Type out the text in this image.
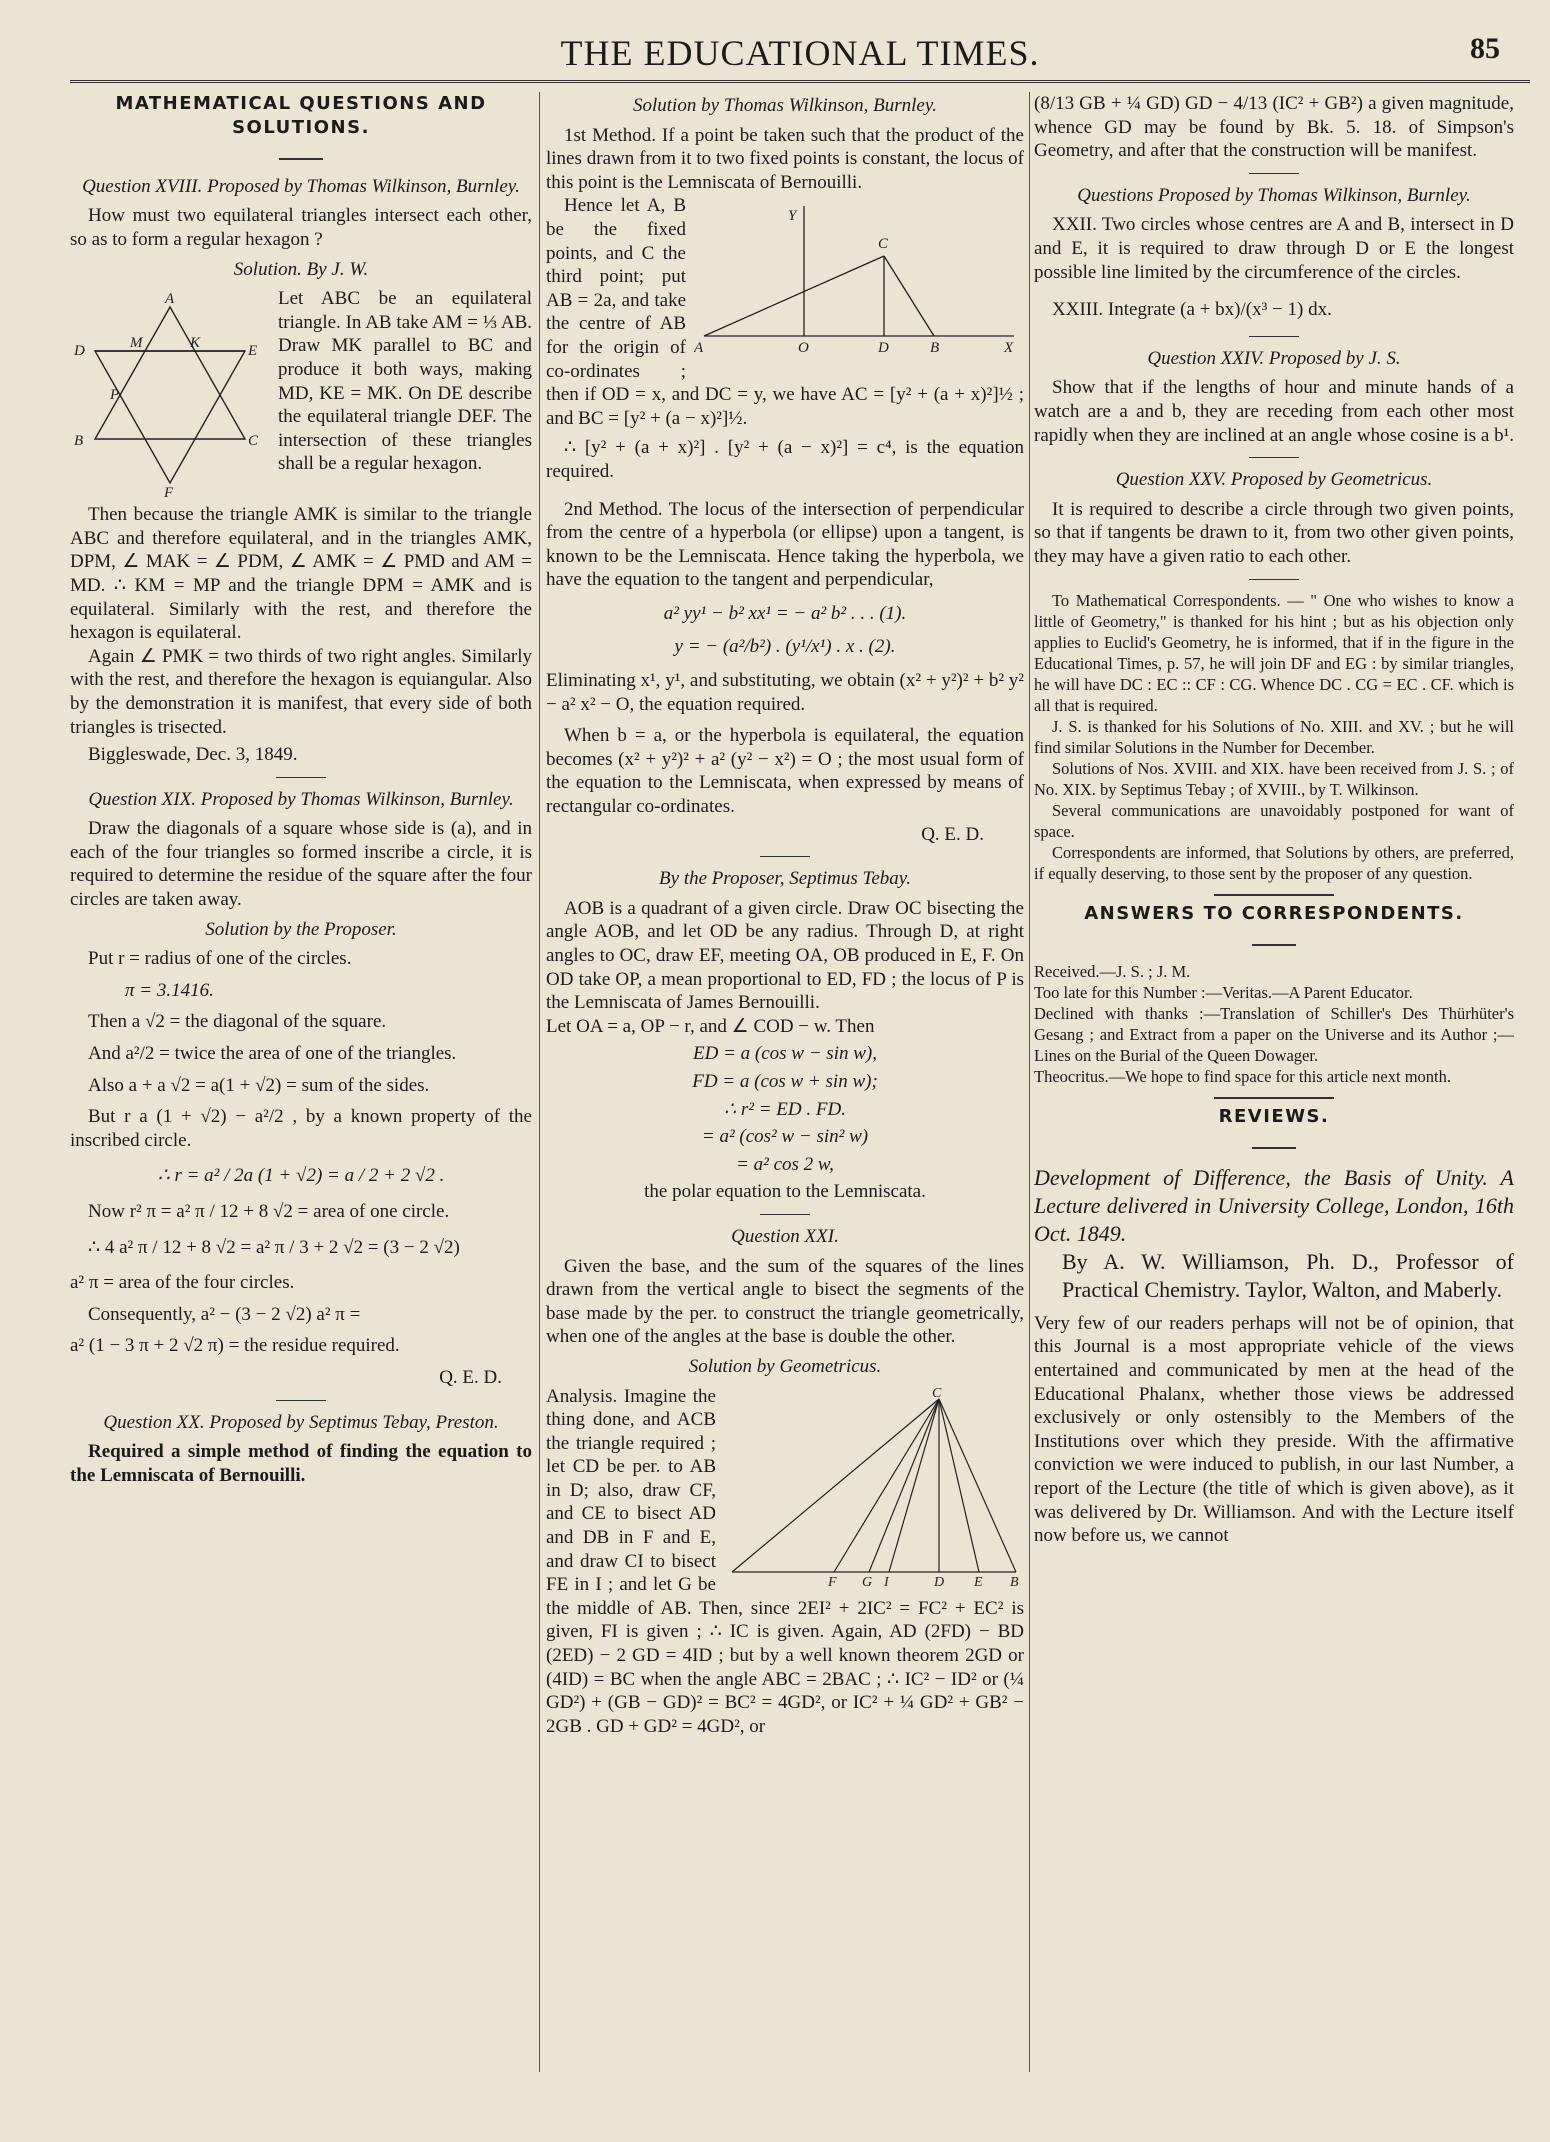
THE EDUCATIONAL TIMES.	85
MATHEMATICAL QUESTIONS AND SOLUTIONS.
Question XVIII. Proposed by Thomas Wilkinson, Burnley.

How must two equilateral triangles intersect each other, so as to form a regular hexagon ?

Solution. By J. W.
A
D	E
M	K
P
B	C
F

Let ABC be an equilateral triangle. In AB take AM = ⅓ AB. Draw MK parallel to BC and produce it both ways, making MD, KE = MK. On DE describe the equilateral triangle DEF. The intersection of these triangles shall be a regular hexagon.

Then because the triangle AMK is similar to the triangle ABC and therefore equilateral, and in the triangles AMK, DPM, ∠ MAK = ∠ PDM, ∠ AMK = ∠ PMD and AM = MD. ∴ KM = MP and the triangle DPM = AMK and is equilateral. Similarly with the rest, and therefore the hexagon is equilateral.

Again ∠ PMK = two thirds of two right angles. Similarly with the rest, and therefore the hexagon is equiangular. Also by the demonstration it is manifest, that every side of both triangles is trisected.

Biggleswade, Dec. 3, 1849.

Question XIX. Proposed by Thomas Wilkinson, Burnley.

Draw the diagonals of a square whose side is (a), and in each of the four triangles so formed inscribe a circle, it is required to determine the residue of the square after the four circles are taken away.

Solution by the Proposer.

Put r = radius of one of the circles.

π = 3.1416.

Then a √2 = the diagonal of the square.

And a²/2 = twice the area of one of the triangles.

Also a + a √2 = a(1 + √2) = sum of the sides.

But r a (1 + √2) − a²/2 , by a known property of the inscribed circle.

∴ r = a² / 2a (1 + √2) = a / 2 + 2 √2 .

Now r² π = a² π / 12 + 8 √2 = area of one circle.

∴ 4 a² π / 12 + 8 √2 = a² π / 3 + 2 √2 = (3 − 2 √2)

a² π = area of the four circles.

Consequently, a² − (3 − 2 √2) a² π =

a² (1 − 3 π + 2 √2 π) = the residue required.

Q. E. D.

Question XX. Proposed by Septimus Tebay, Preston.

Required a simple method of finding the equation to the Lemniscata of Bernouilli.

Solution by Thomas Wilkinson, Burnley.

1st Method. If a point be taken such that the product of the lines drawn from it to two fixed points is constant, the locus of this point is the Lemniscata of Bernouilli.

Y
C
A	O	D	B	X

Hence let A, B be the fixed points, and C the third point; put AB = 2a, and take the centre of AB for the origin of co-ordinates ; then if OD = x, and DC = y, we have AC = [y² + (a + x)²]½ ; and BC = [y² + (a − x)²]½.

∴ [y² + (a + x)²] . [y² + (a − x)²] = c⁴, is the equation required.

2nd Method. The locus of the intersection of perpendicular from the centre of a hyperbola (or ellipse) upon a tangent, is known to be the Lemniscata. Hence taking the hyperbola, we have the equation to the tangent and perpendicular,

a² yy¹ − b² xx¹ = − a² b² . . . (1).

y = − (a²/b²) . (y¹/x¹) . x . (2).

Eliminating x¹, y¹, and substituting, we obtain (x² + y²)² + b² y² − a² x² − O, the equation required.

When b = a, or the hyperbola is equilateral, the equation becomes (x² + y²)² + a² (y² − x²) = O ; the most usual form of the equation to the Lemniscata, when expressed by means of rectangular co-ordinates.

Q. E. D.

By the Proposer, Septimus Tebay.

AOB is a quadrant of a given circle. Draw OC bisecting the angle AOB, and let OD be any radius. Through D, at right angles to OC, draw EF, meeting OA, OB produced in E, F. On OD take OP, a mean proportional to ED, FD ; the locus of P is the Lemniscata of James Bernouilli.

Let OA = a, OP − r, and ∠ COD − w. Then

ED = a (cos w − sin w),

FD = a (cos w + sin w);

∴ r² = ED . FD.

= a² (cos² w − sin² w)

= a² cos 2 w,

the polar equation to the Lemniscata.

Question XXI.

Given the base, and the sum of the squares of the lines drawn from the vertical angle to bisect the segments of the base made by the per. to construct the triangle geometrically, when one of the angles at the base is double the other.

Solution by Geometricus.
C
F G I	D E B

Analysis. Imagine the thing done, and ACB the triangle required ; let CD be per. to AB in D; also, draw CF, and CE to bisect AD and DB in F and E, and draw CI to bisect FE in I ; and let G be the middle of AB. Then, since 2EI² + 2IC² = FC² + EC² is given, FI is given ; ∴ IC is given. Again, AD (2FD) − BD (2ED) − 2 GD = 4ID ; but by a well known theorem 2GD or (4ID) = BC when the angle ABC = 2BAC ; ∴ IC² − ID² or (¼ GD²) + (GB − GD)² = BC² = 4GD², or IC² + ¼ GD² + GB² − 2GB . GD + GD² = 4GD², or

(8/13 GB + ¼ GD) GD − 4/13 (IC² + GB²) a given magnitude, whence GD may be found by Bk. 5. 18. of Simpson's Geometry, and after that the construction will be manifest.

Questions Proposed by Thomas Wilkinson, Burnley.

XXII. Two circles whose centres are A and B, intersect in D and E, it is required to draw through D or E the longest possible line limited by the circumference of the circles.

XXIII. Integrate (a + bx)/(x³ − 1) dx.

Question XXIV. Proposed by J. S.

Show that if the lengths of hour and minute hands of a watch are a and b, they are receding from each other most rapidly when they are inclined at an angle whose cosine is a b¹.

Question XXV. Proposed by Geometricus.

It is required to describe a circle through two given points, so that if tangents be drawn to it, from two other given points, they may have a given ratio to each other.

To Mathematical Correspondents. — " One who wishes to know a little of Geometry," is thanked for his hint ; but as his objection only applies to Euclid's Geometry, he is informed, that if in the figure in the Educational Times, p. 57, he will join DF and EG : by similar triangles, he will have DC : EC :: CF : CG. Whence DC . CG = EC . CF. which is all that is required.

J. S. is thanked for his Solutions of No. XIII. and XV. ; but he will find similar Solutions in the Number for December.

Solutions of Nos. XVIII. and XIX. have been received from J. S. ; of No. XIX. by Septimus Tebay ; of XVIII., by T. Wilkinson.

Several communications are unavoidably postponed for want of space.

Correspondents are informed, that Solutions by others, are preferred, if equally deserving, to those sent by the proposer of any question.

ANSWERS TO CORRESPONDENTS.

Received.—J. S. ; J. M.

Too late for this Number :—Veritas.—A Parent Educator.

Declined with thanks :—Translation of Schiller's Des Thürhüter's Gesang ; and Extract from a paper on the Universe and its Author ;—Lines on the Burial of the Queen Dowager.

Theocritus.—We hope to find space for this article next month.

REVIEWS.

Development of Difference, the Basis of Unity. A Lecture delivered in University College, London, 16th Oct. 1849.

By A. W. Williamson, Ph. D., Professor of Practical Chemistry. Taylor, Walton, and Maberly.

Very few of our readers perhaps will not be of opinion, that this Journal is a most appropriate vehicle of the views entertained and communicated by men at the head of the Educational Phalanx, whether those views be addressed exclusively or only ostensibly to the Members of the Institutions over which they preside. With the affirmative conviction we were induced to publish, in our last Number, a report of the Lecture (the title of which is given above), as it was delivered by Dr. Williamson. And with the Lecture itself now before us, we cannot
